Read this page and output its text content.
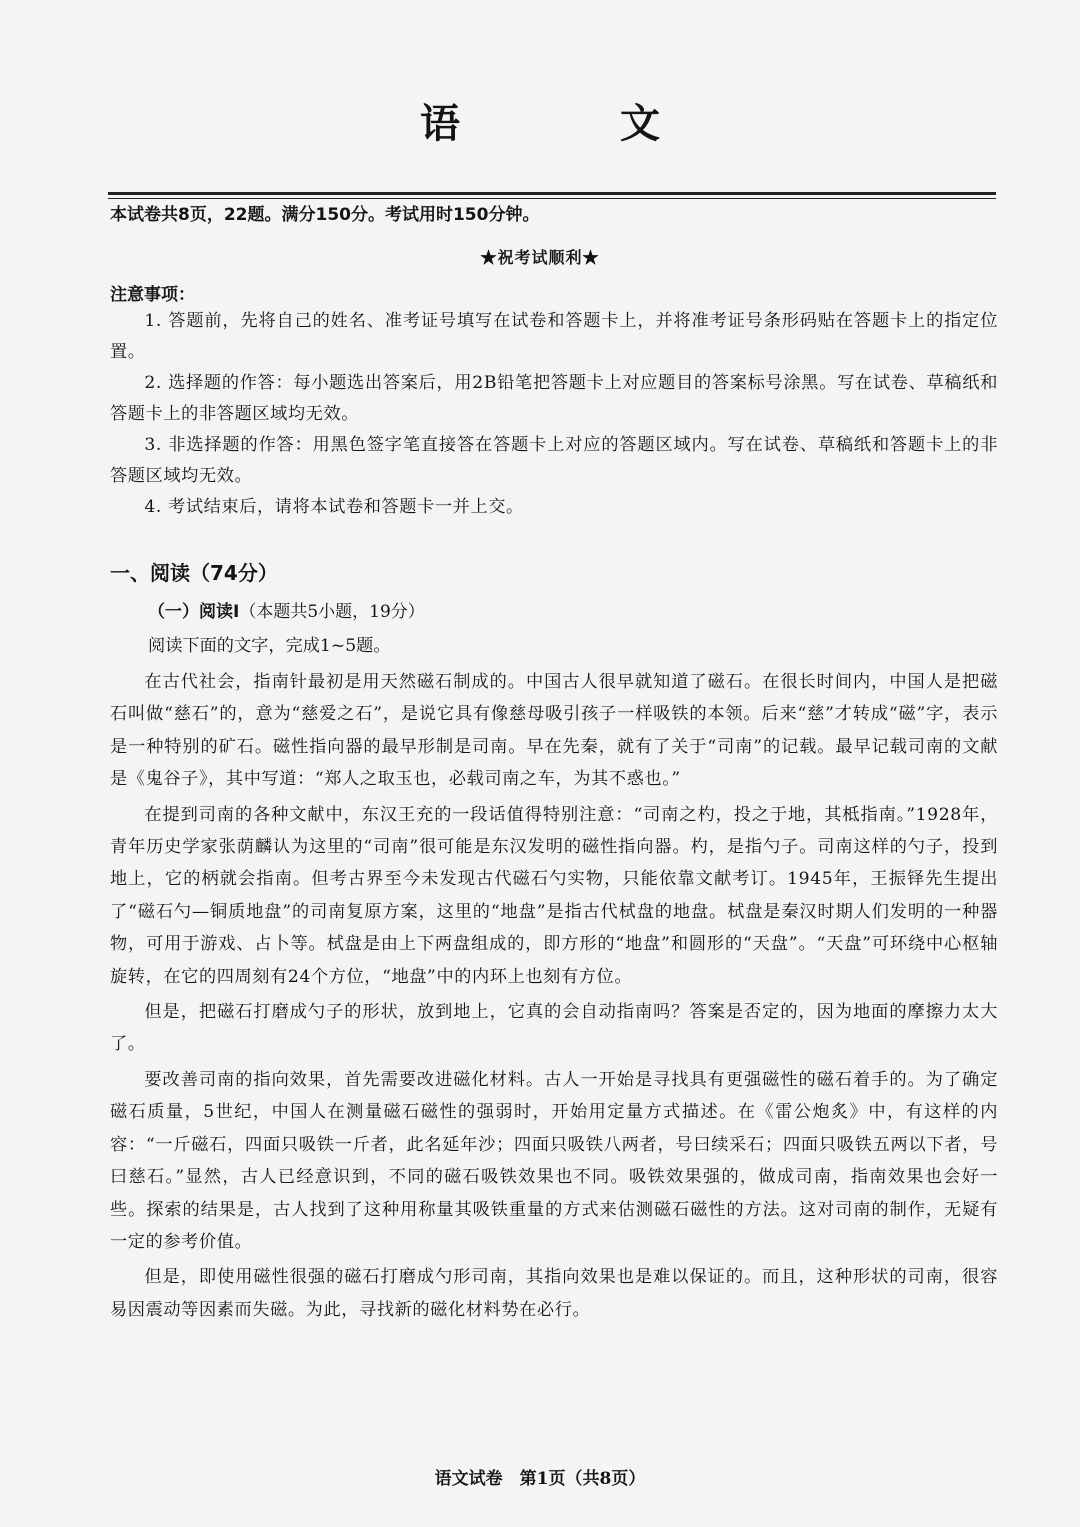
语　文
本试卷共8页，22题。满分150分。考试用时150分钟。
★祝考试顺利★
注意事项：

1. 答题前，先将自己的姓名、准考证号填写在试卷和答题卡上，并将准考证号条形码贴在答题卡上的指定位置。

2. 选择题的作答：每小题选出答案后，用2B铅笔把答题卡上对应题目的答案标号涂黑。写在试卷、草稿纸和答题卡上的非答题区域均无效。

3. 非选择题的作答：用黑色签字笔直接答在答题卡上对应的答题区域内。写在试卷、草稿纸和答题卡上的非答题区域均无效。

4. 考试结束后，请将本试卷和答题卡一并上交。

一、阅读（74分）
（一）阅读Ⅰ（本题共5小题，19分）
阅读下面的文字，完成1~5题。

在古代社会，指南针最初是用天然磁石制成的。中国古人很早就知道了磁石。在很长时间内，中国人是把磁石叫做“慈石”的，意为“慈爱之石”，是说它具有像慈母吸引孩子一样吸铁的本领。后来“慈”才转成“磁”字，表示是一种特别的矿石。磁性指向器的最早形制是司南。早在先秦，就有了关于“司南”的记载。最早记载司南的文献是《鬼谷子》，其中写道：“郑人之取玉也，必载司南之车，为其不惑也。”

在提到司南的各种文献中，东汉王充的一段话值得特别注意：“司南之杓，投之于地，其柢指南。”1928年，青年历史学家张荫麟认为这里的“司南”很可能是东汉发明的磁性指向器。杓，是指勺子。司南这样的勺子，投到地上，它的柄就会指南。但考古界至今未发现古代磁石勺实物，只能依靠文献考订。1945年，王振铎先生提出了“磁石勺—铜质地盘”的司南复原方案，这里的“地盘”是指古代栻盘的地盘。栻盘是秦汉时期人们发明的一种器物，可用于游戏、占卜等。栻盘是由上下两盘组成的，即方形的“地盘”和圆形的“天盘”。“天盘”可环绕中心枢轴旋转，在它的四周刻有24个方位，“地盘”中的内环上也刻有方位。

但是，把磁石打磨成勺子的形状，放到地上，它真的会自动指南吗？答案是否定的，因为地面的摩擦力太大了。

要改善司南的指向效果，首先需要改进磁化材料。古人一开始是寻找具有更强磁性的磁石着手的。为了确定磁石质量，5世纪，中国人在测量磁石磁性的强弱时，开始用定量方式描述。在《雷公炮炙》中，有这样的内容：“一斤磁石，四面只吸铁一斤者，此名延年沙；四面只吸铁八两者，号曰续采石；四面只吸铁五两以下者，号曰慈石。”显然，古人已经意识到，不同的磁石吸铁效果也不同。吸铁效果强的，做成司南，指南效果也会好一些。探索的结果是，古人找到了这种用称量其吸铁重量的方式来估测磁石磁性的方法。这对司南的制作，无疑有一定的参考价值。

但是，即使用磁性很强的磁石打磨成勺形司南，其指向效果也是难以保证的。而且，这种形状的司南，很容易因震动等因素而失磁。为此，寻找新的磁化材料势在必行。

语文试卷　第1页（共8页）
